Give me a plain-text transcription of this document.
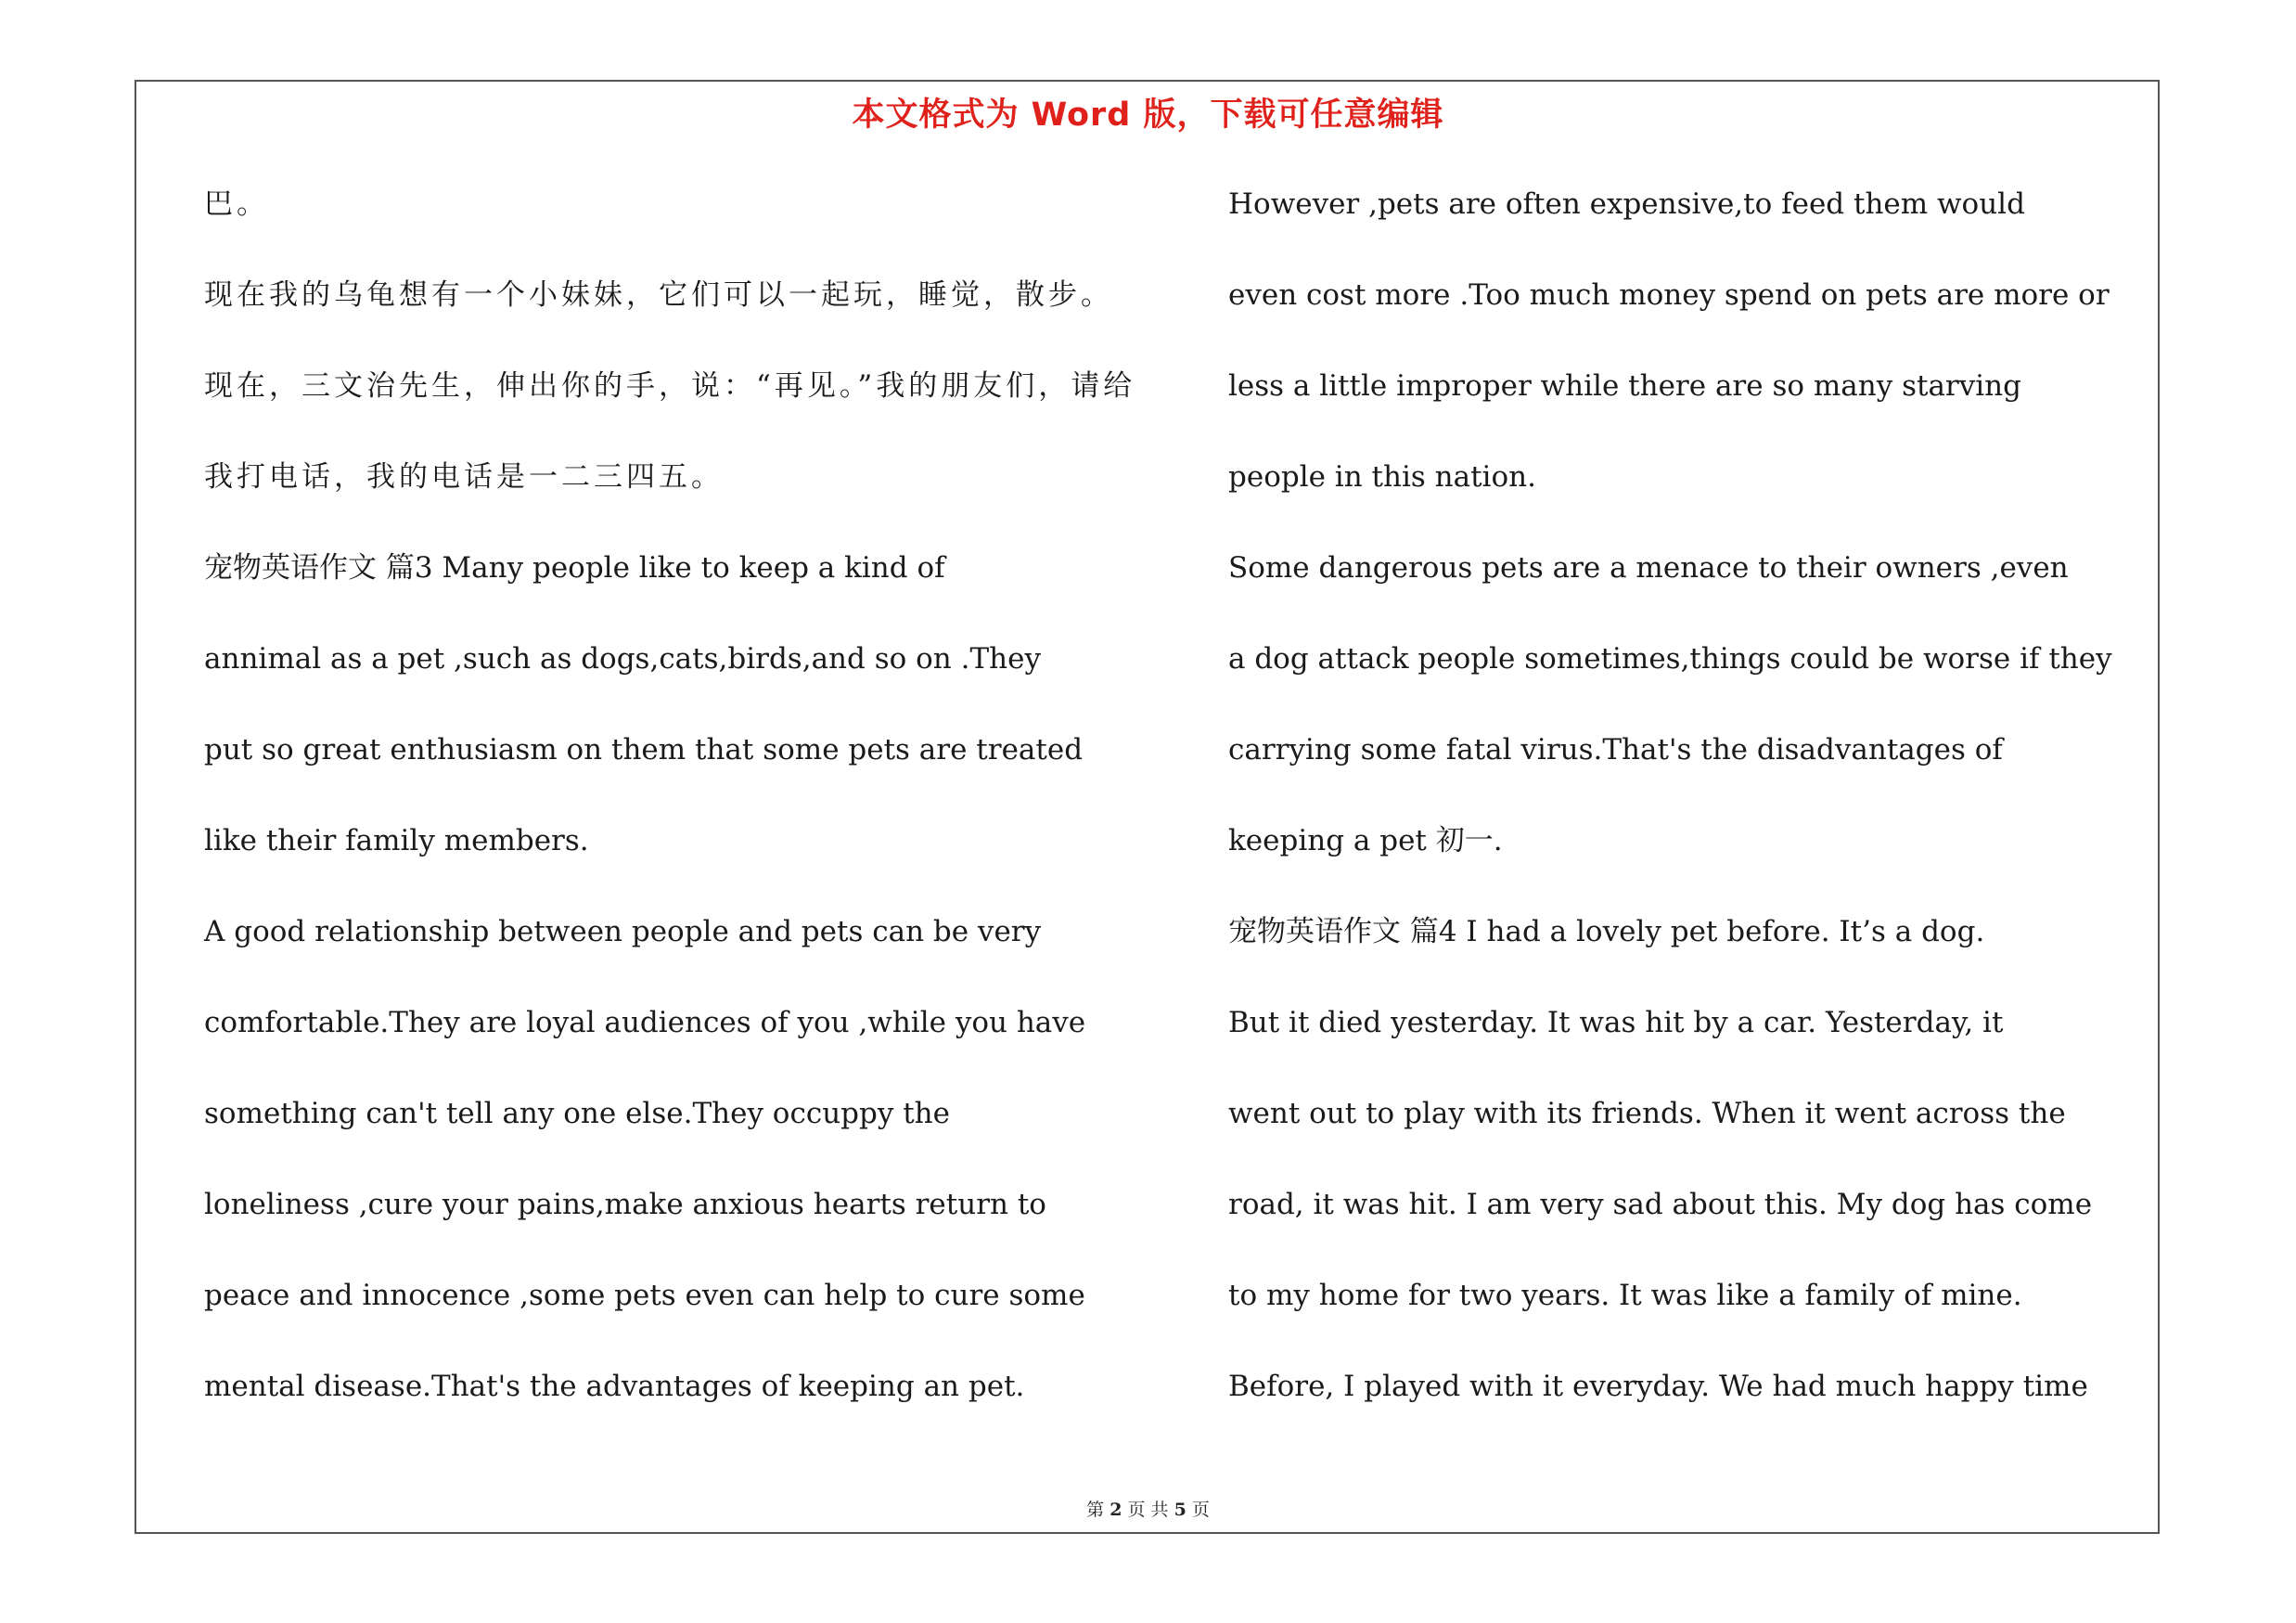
本文格式为 Word 版，下载可任意编辑
巴。
现在我的乌龟想有一个小妹妹，它们可以一起玩，睡觉，散步。
现在，三文治先生，伸出你的手，说：“再见。”我的朋友们，请给
我打电话，我的电话是一二三四五。
宠物英语作文 篇3 Many people like to keep a kind of
annimal as a pet ,such as dogs,cats,birds,and so on .They
put so great enthusiasm on them that some pets are treated
like their family members.
A good relationship between people and pets can be very
comfortable.They are loyal audiences of you ,while you have
something can't tell any one else.They occuppy the
loneliness ,cure your pains,make anxious hearts return to
peace and innocence ,some pets even can help to cure some
mental disease.That's the advantages of keeping an pet.
However ,pets are often expensive,to feed them would
even cost more .Too much money spend on pets are more or
less a little improper while there are so many starving
people in this nation.
Some dangerous pets are a menace to their owners ,even
a dog attack people sometimes,things could be worse if they
carrying some fatal virus.That's the disadvantages of
keeping a pet 初一.
宠物英语作文 篇4 I had a lovely pet before. It’s a dog.
But it died yesterday. It was hit by a car. Yesterday, it
went out to play with its friends. When it went across the
road, it was hit. I am very sad about this. My dog has come
to my home for two years. It was like a family of mine.
Before, I played with it everyday. We had much happy time
第 2 页 共 5 页
